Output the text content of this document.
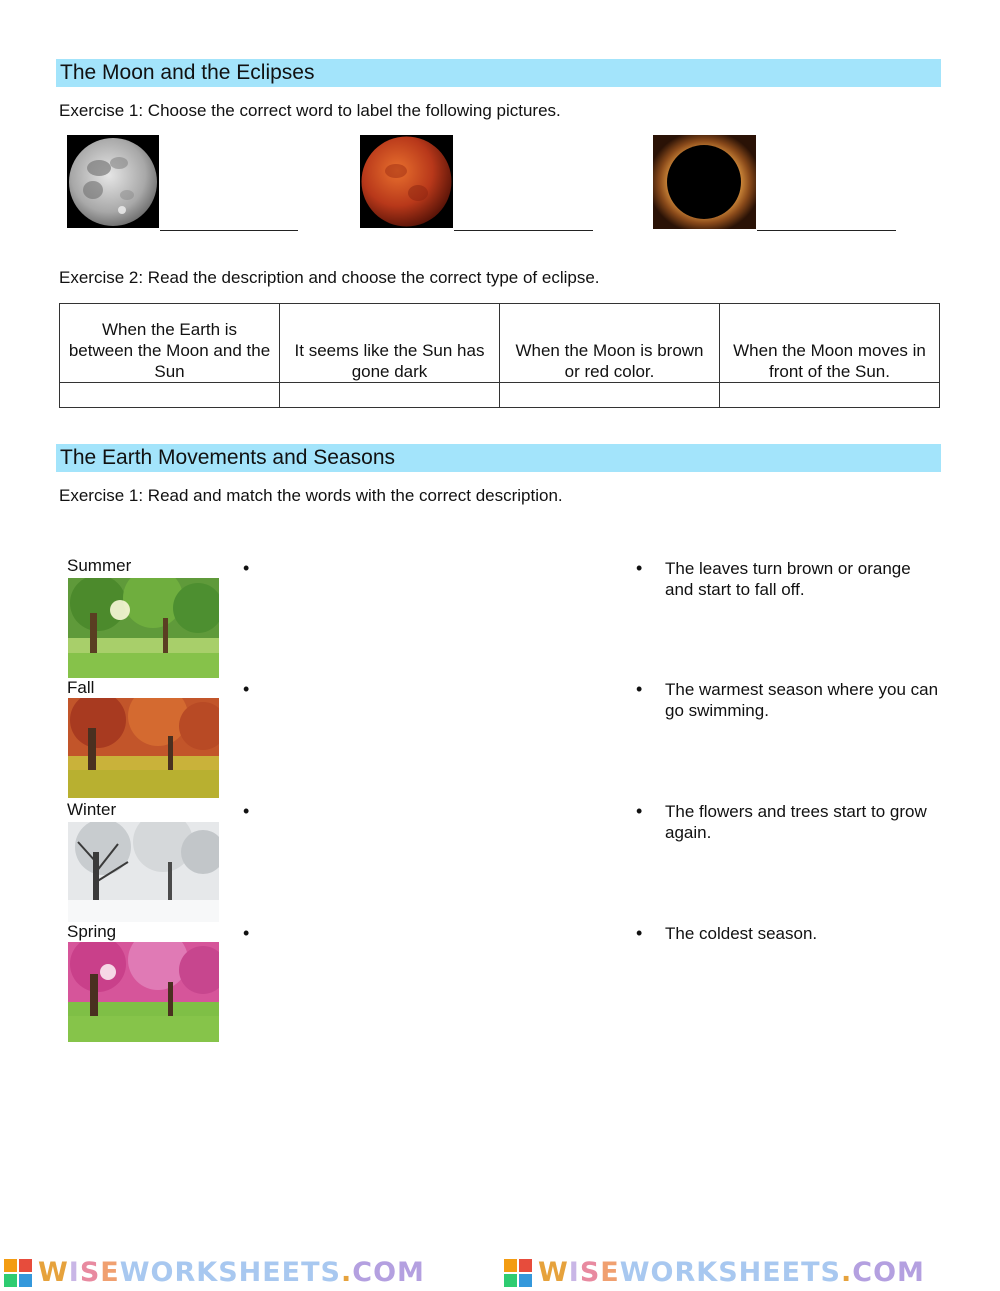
The Moon and the Eclipses
Exercise 1: Choose the correct word to label the following pictures.
Exercise 2: Read the description and choose the correct type of eclipse.
When the Earth is between the Moon and the Sun	It seems like the Sun has gone dark	When the Moon is brown or red color.	When the Moon moves in front of the Sun.

The Earth Movements and Seasons
Exercise 1: Read and match the words with the correct description.
Summer	•
Fall	•
Winter	•
Spring	•
• The leaves turn brown or orange and start to fall off.
• The warmest season where you can go swimming.
• The flowers and trees start to grow again.
• The coldest season.
WISEWORKSHEETS.COM	WISEWORKSHEETS.COM
